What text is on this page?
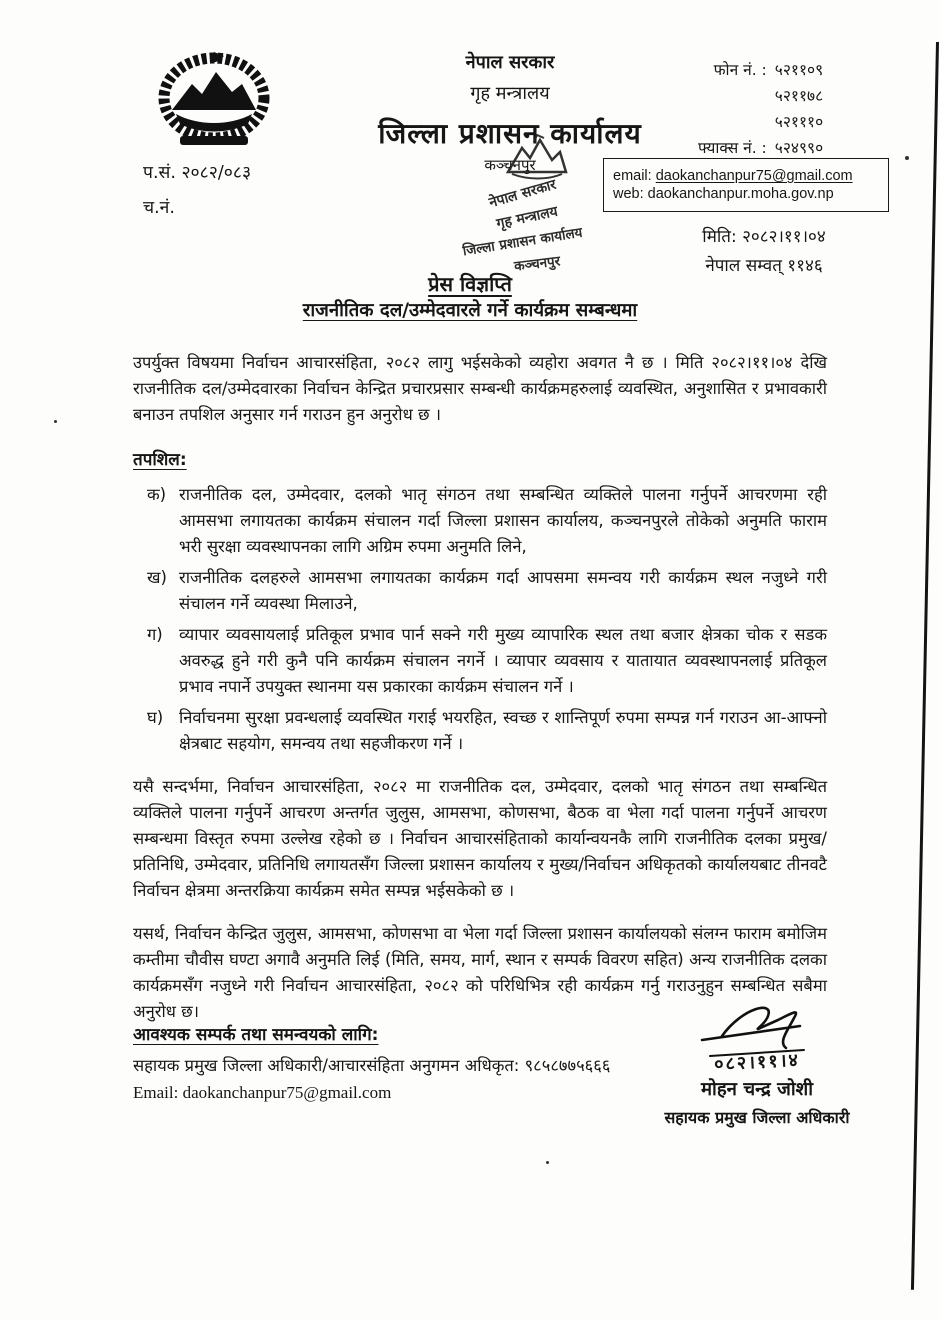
नेपाल सरकार
गृह मन्त्रालय
जिल्ला प्रशासन कार्यालय
कञ्चनपुर
नेपाल सरकार
गृह मन्त्रालय
जिल्ला प्रशासन कार्यालय
कञ्चनपुर
प.सं. २०८२/०८३
च.नं.
फोन नं. : ५२११०९
५२११७८
५२१११०
फ्याक्स नं. : ५२४९९०
email: daokanchanpur75@gmail.com
web: daokanchanpur.moha.gov.np
मिति: २०८२।११।०४
नेपाल सम्वत् ११४६
प्रेस विज्ञप्ति
राजनीतिक दल/उम्मेदवारले गर्ने कार्यक्रम सम्बन्धमा
उपर्युक्त विषयमा निर्वाचन आचारसंहिता, २०८२ लागु भईसकेको व्यहोरा अवगत नै छ । मिति २०८२।११।०४ देखि राजनीतिक दल/उम्मेदवारका निर्वाचन केन्द्रित प्रचारप्रसार सम्बन्धी कार्यक्रमहरुलाई व्यवस्थित, अनुशासित र प्रभावकारी बनाउन तपशिल अनुसार गर्न गराउन हुन अनुरोध छ ।
तपशिल:
क) राजनीतिक दल, उम्मेदवार, दलको भातृ संगठन तथा सम्बन्धित व्यक्तिले पालना गर्नुपर्ने आचरणमा रही आमसभा लगायतका कार्यक्रम संचालन गर्दा जिल्ला प्रशासन कार्यालय, कञ्चनपुरले तोकेको अनुमति फाराम भरी सुरक्षा व्यवस्थापनका लागि अग्रिम रुपमा अनुमति लिने,
ख) राजनीतिक दलहरुले आमसभा लगायतका कार्यक्रम गर्दा आपसमा समन्वय गरी कार्यक्रम स्थल नजुध्ने गरी संचालन गर्ने व्यवस्था मिलाउने,
ग) व्यापार व्यवसायलाई प्रतिकूल प्रभाव पार्न सक्ने गरी मुख्य व्यापारिक स्थल तथा बजार क्षेत्रका चोक र सडक अवरुद्ध हुने गरी कुनै पनि कार्यक्रम संचालन नगर्ने । व्यापार व्यवसाय र यातायात व्यवस्थापनलाई प्रतिकूल प्रभाव नपार्ने उपयुक्त स्थानमा यस प्रकारका कार्यक्रम संचालन गर्ने ।
घ) निर्वाचनमा सुरक्षा प्रवन्धलाई व्यवस्थित गराई भयरहित, स्वच्छ र शान्तिपूर्ण रुपमा सम्पन्न गर्न गराउन आ-आफ्नो क्षेत्रबाट सहयोग, समन्वय तथा सहजीकरण गर्ने ।
यसै सन्दर्भमा, निर्वाचन आचारसंहिता, २०८२ मा राजनीतिक दल, उम्मेदवार, दलको भातृ संगठन तथा सम्बन्धित व्यक्तिले पालना गर्नुपर्ने आचरण अन्तर्गत जुलुस, आमसभा, कोणसभा, बैठक वा भेला गर्दा पालना गर्नुपर्ने आचरण सम्बन्धमा विस्तृत रुपमा उल्लेख रहेको छ । निर्वाचन आचारसंहिताको कार्यान्वयनकै लागि राजनीतिक दलका प्रमुख/प्रतिनिधि, उम्मेदवार, प्रतिनिधि लगायतसँग जिल्ला प्रशासन कार्यालय र मुख्य/निर्वाचन अधिकृतको कार्यालयबाट तीनवटै निर्वाचन क्षेत्रमा अन्तरक्रिया कार्यक्रम समेत सम्पन्न भईसकेको छ ।
यसर्थ, निर्वाचन केन्द्रित जुलुस, आमसभा, कोणसभा वा भेला गर्दा जिल्ला प्रशासन कार्यालयको संलग्न फाराम बमोजिम कम्तीमा चौवीस घण्टा अगावै अनुमति लिई (मिति, समय, मार्ग, स्थान र सम्पर्क विवरण सहित) अन्य राजनीतिक दलका कार्यक्रमसँग नजुध्ने गरी निर्वाचन आचारसंहिता, २०८२ को परिधिभित्र रही कार्यक्रम गर्नु गराउनुहुन सम्बन्धित सबैमा अनुरोध छ।
आवश्यक सम्पर्क तथा समन्वयको लागि:
सहायक प्रमुख जिल्ला अधिकारी/आचारसंहिता अनुगमन अधिकृत: ९८५८७७५६६६
Email: daokanchanpur75@gmail.com
०८२।११।४
मोहन चन्द्र जोशी
सहायक प्रमुख जिल्ला अधिकारी
